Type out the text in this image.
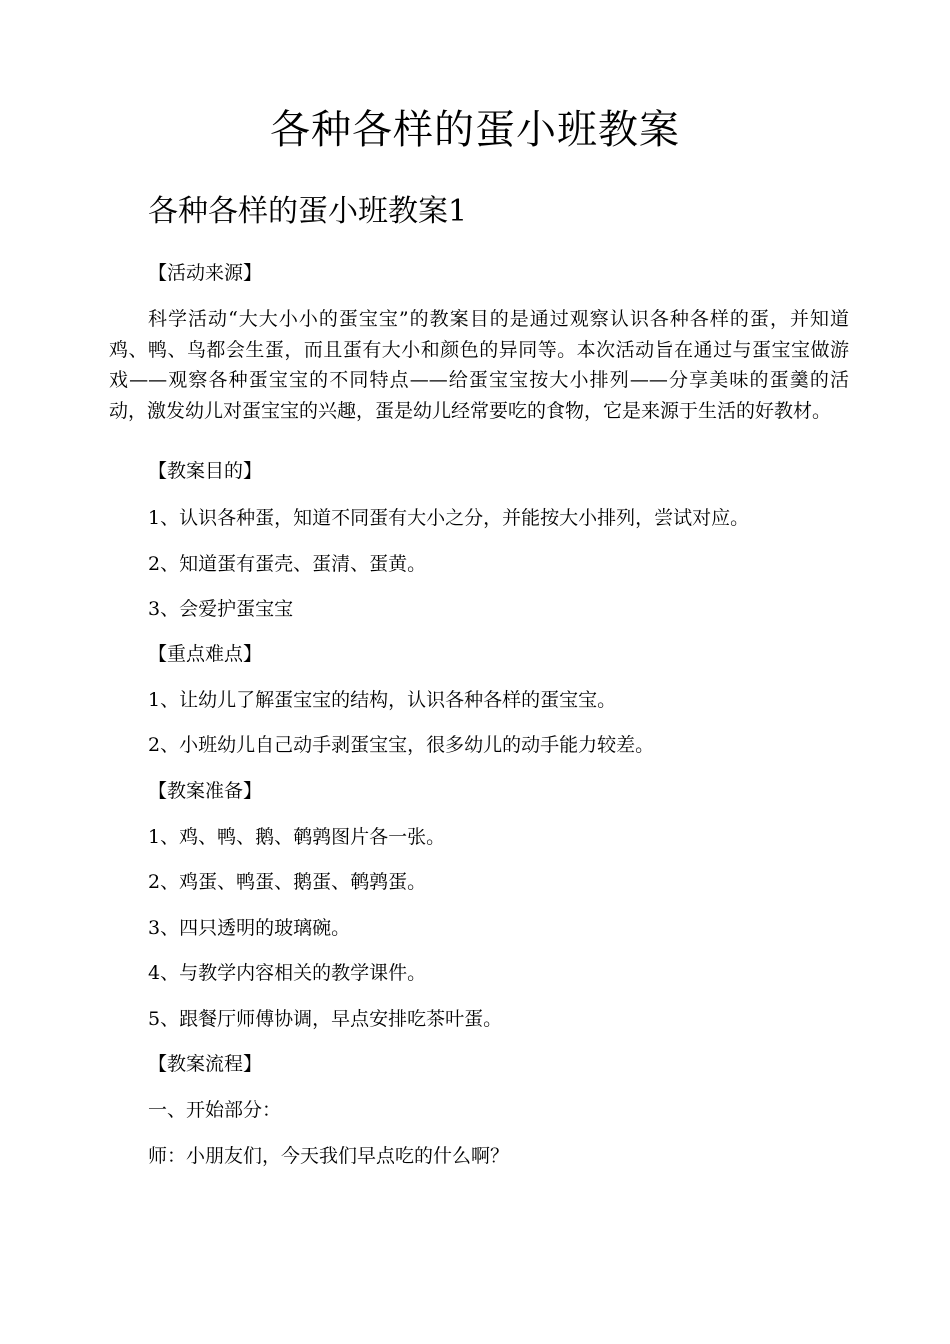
各种各样的蛋小班教案
各种各样的蛋小班教案1

【活动来源】

科学活动“大大小小的蛋宝宝”的教案目的是通过观察认识各种各样的蛋，并知道鸡、鸭、鸟都会生蛋，而且蛋有大小和颜色的异同等。本次活动旨在通过与蛋宝宝做游戏——观察各种蛋宝宝的不同特点——给蛋宝宝按大小排列——分享美味的蛋羹的活动，激发幼儿对蛋宝宝的兴趣，蛋是幼儿经常要吃的食物，它是来源于生活的好教材。

【教案目的】

1、认识各种蛋，知道不同蛋有大小之分，并能按大小排列，尝试对应。

2、知道蛋有蛋壳、蛋清、蛋黄。

3、会爱护蛋宝宝

【重点难点】

1、让幼儿了解蛋宝宝的结构，认识各种各样的蛋宝宝。

2、小班幼儿自己动手剥蛋宝宝，很多幼儿的动手能力较差。

【教案准备】

1、鸡、鸭、鹅、鹌鹑图片各一张。

2、鸡蛋、鸭蛋、鹅蛋、鹌鹑蛋。

3、四只透明的玻璃碗。

4、与教学内容相关的教学课件。

5、跟餐厅师傅协调，早点安排吃茶叶蛋。

【教案流程】

一、开始部分：

师：小朋友们，今天我们早点吃的什么啊？
